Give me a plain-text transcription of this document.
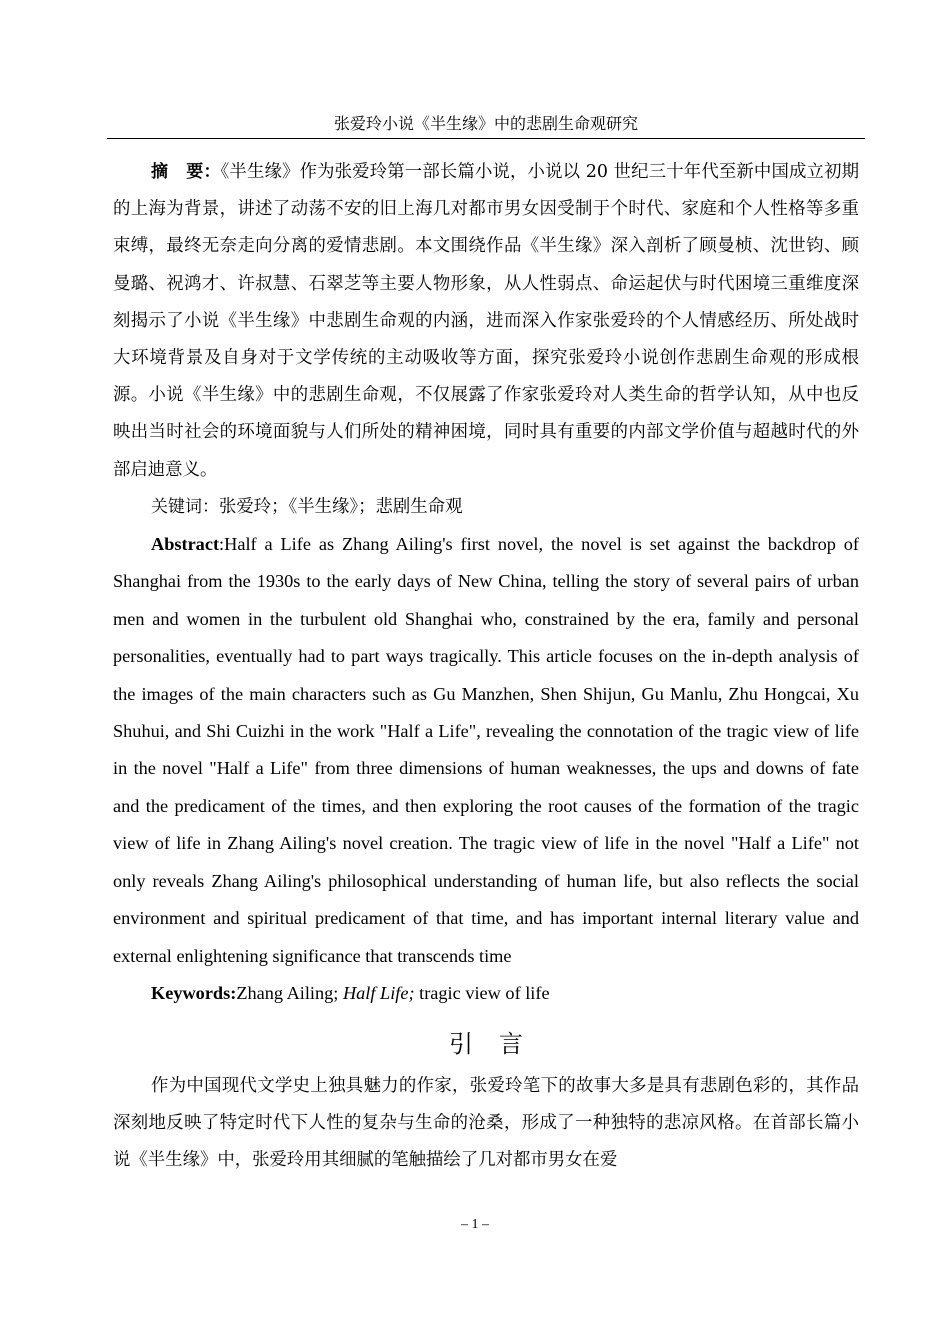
张爱玲小说《半生缘》中的悲剧生命观研究

摘 要：《半生缘》作为张爱玲第一部长篇小说，小说以 20 世纪三十年代至新中国成立初期的上海为背景，讲述了动荡不安的旧上海几对都市男女因受制于个时代、家庭和个人性格等多重束缚，最终无奈走向分离的爱情悲剧。本文围绕作品《半生缘》深入剖析了顾曼桢、沈世钧、顾曼璐、祝鸿才、许叔慧、石翠芝等主要人物形象，从人性弱点、命运起伏与时代困境三重维度深刻揭示了小说《半生缘》中悲剧生命观的内涵，进而深入作家张爱玲的个人情感经历、所处战时大环境背景及自身对于文学传统的主动吸收等方面，探究张爱玲小说创作悲剧生命观的形成根源。小说《半生缘》中的悲剧生命观，不仅展露了作家张爱玲对人类生命的哲学认知，从中也反映出当时社会的环境面貌与人们所处的精神困境，同时具有重要的内部文学价值与超越时代的外部启迪意义。

关键词：张爱玲；《半生缘》；悲剧生命观

Abstract:Half a Life as Zhang Ailing's first novel, the novel is set against the backdrop of Shanghai from the 1930s to the early days of New China, telling the story of several pairs of urban men and women in the turbulent old Shanghai who, constrained by the era, family and personal personalities, eventually had to part ways tragically. This article focuses on the in-depth analysis of the images of the main characters such as Gu Manzhen, Shen Shijun, Gu Manlu, Zhu Hongcai, Xu Shuhui, and Shi Cuizhi in the work "Half a Life", revealing the connotation of the tragic view of life in the novel "Half a Life" from three dimensions of human weaknesses, the ups and downs of fate and the predicament of the times, and then exploring the root causes of the formation of the tragic view of life in Zhang Ailing's novel creation. The tragic view of life in the novel "Half a Life" not only reveals Zhang Ailing's philosophical understanding of human life, but also reflects the social environment and spiritual predicament of that time, and has important internal literary value and external enlightening significance that transcends time

Keywords:Zhang Ailing; Half Life; tragic view of life

引 言

作为中国现代文学史上独具魅力的作家，张爱玲笔下的故事大多是具有悲剧色彩的，其作品深刻地反映了特定时代下人性的复杂与生命的沧桑，形成了一种独特的悲凉风格。在首部长篇小说《半生缘》中，张爱玲用其细腻的笔触描绘了几对都市男女在爱

– 1 –
